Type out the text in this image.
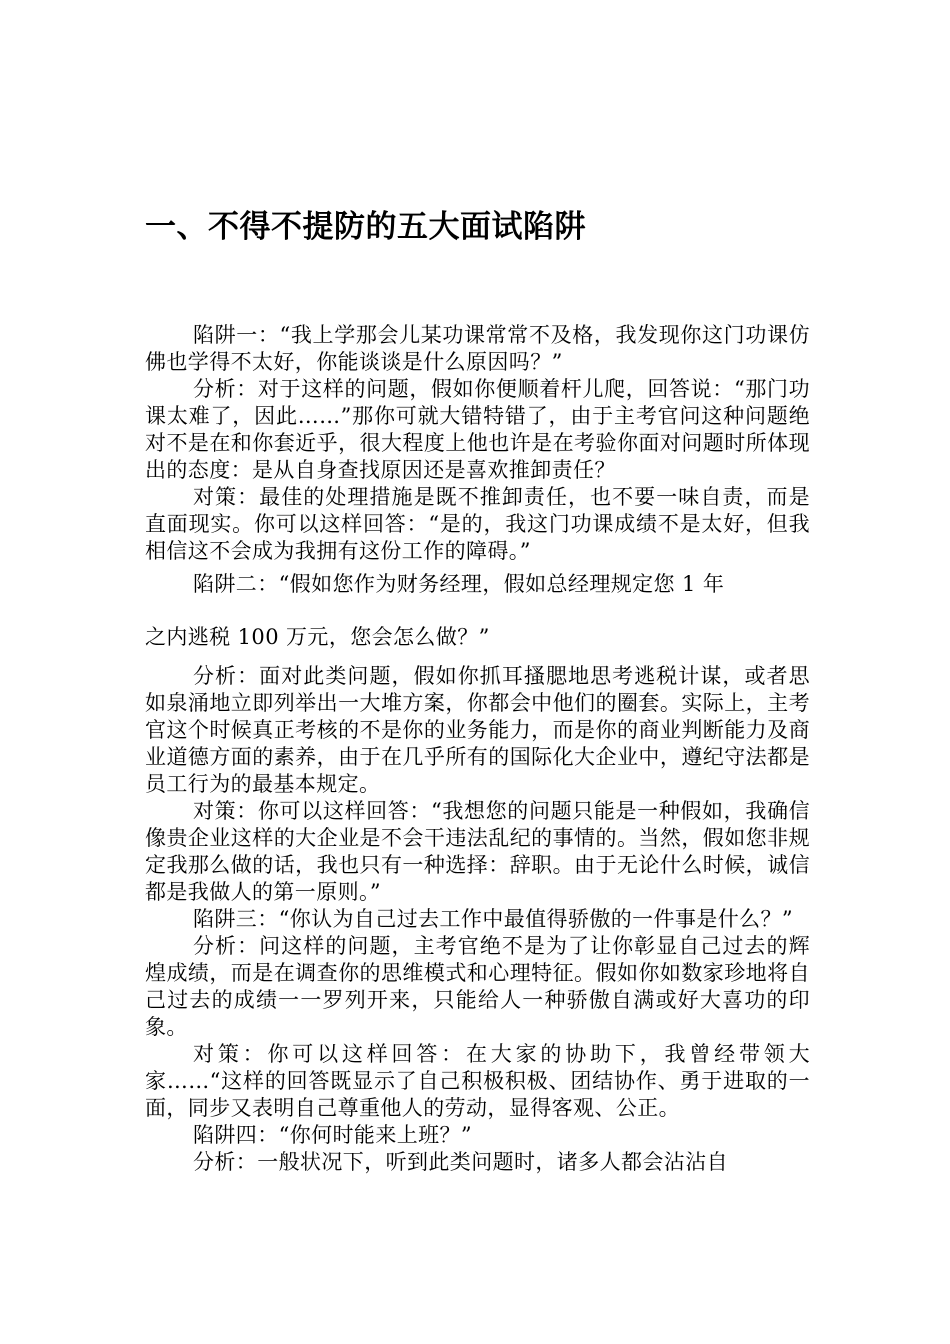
一、不得不提防的五大面试陷阱

陷阱一：“我上学那会儿某功课常常不及格，我发现你这门功课仿佛也学得不太好，你能谈谈是什么原因吗？”

分析：对于这样的问题，假如你便顺着杆儿爬，回答说：“那门功课太难了，因此……”那你可就大错特错了，由于主考官问这种问题绝对不是在和你套近乎，很大程度上他也许是在考验你面对问题时所体现出的态度：是从自身查找原因还是喜欢推卸责任？

对策：最佳的处理措施是既不推卸责任，也不要一味自责，而是直面现实。你可以这样回答：“是的，我这门功课成绩不是太好，但我相信这不会成为我拥有这份工作的障碍。”

陷阱二：“假如您作为财务经理，假如总经理规定您 1 年

之内逃税 100 万元，您会怎么做？”

分析：面对此类问题，假如你抓耳搔腮地思考逃税计谋，或者思如泉涌地立即列举出一大堆方案，你都会中他们的圈套。实际上，主考官这个时候真正考核的不是你的业务能力，而是你的商业判断能力及商业道德方面的素养，由于在几乎所有的国际化大企业中，遵纪守法都是员工行为的最基本规定。

对策：你可以这样回答：“我想您的问题只能是一种假如，我确信像贵企业这样的大企业是不会干违法乱纪的事情的。当然，假如您非规定我那么做的话，我也只有一种选择：辞职。由于无论什么时候，诚信都是我做人的第一原则。”

陷阱三：“你认为自己过去工作中最值得骄傲的一件事是什么？”

分析：问这样的问题，主考官绝不是为了让你彰显自己过去的辉煌成绩，而是在调查你的思维模式和心理特征。假如你如数家珍地将自己过去的成绩一一罗列开来，只能给人一种骄傲自满或好大喜功的印象。

对策：你可以这样回答：在大家的协助下，我曾经带领大家……“这样的回答既显示了自己积极积极、团结协作、勇于进取的一面，同步又表明自己尊重他人的劳动，显得客观、公正。

陷阱四：“你何时能来上班？”

分析：一般状况下，听到此类问题时，诸多人都会沾沾自
